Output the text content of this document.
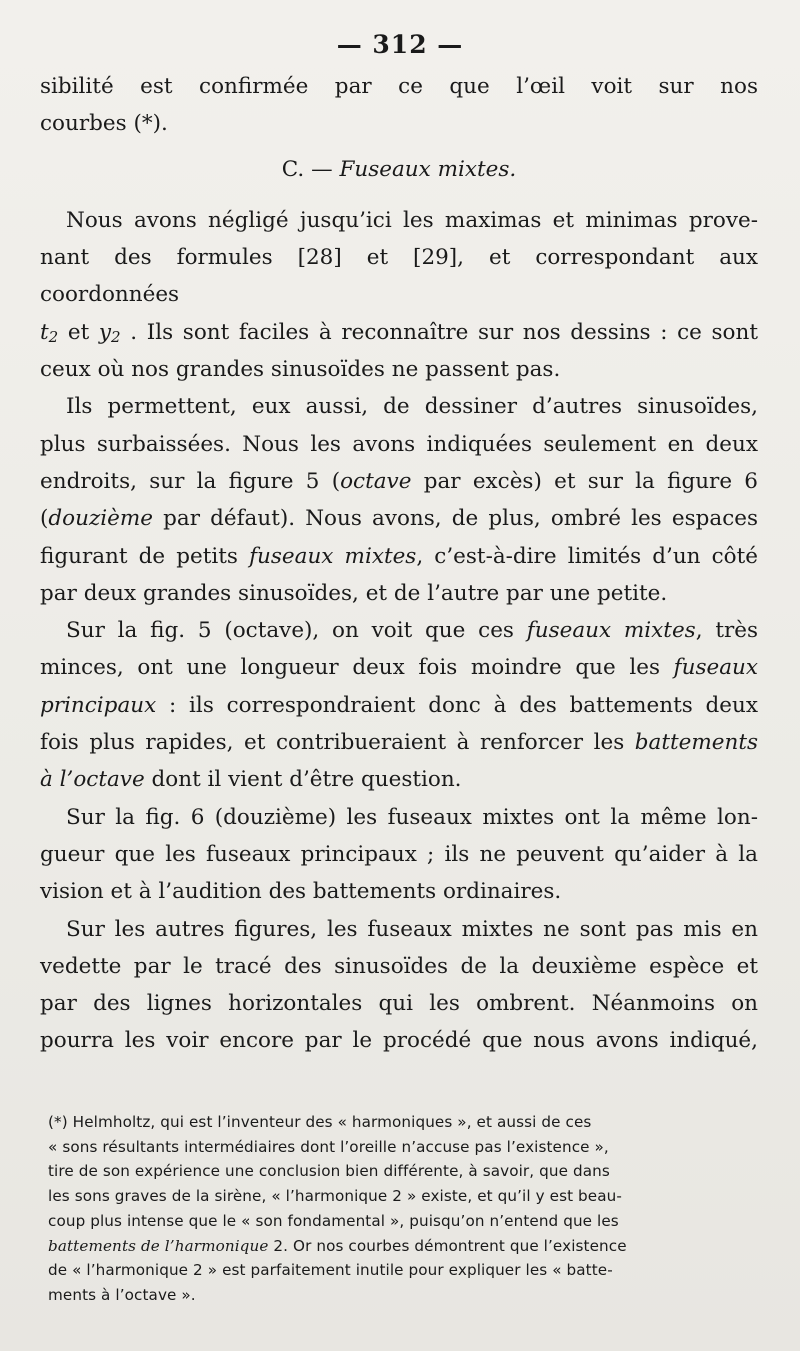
— 312 —

sibilité est confirmée par ce que l’œil voit sur nos

courbes (*).

C. — Fuseaux mixtes.

Nous avons négligé jusqu’ici les maximas et minimas prove-

nant des formules [28] et [29], et correspondant aux coordonnées

$t_2$ et $y_2$ . Ils sont faciles à reconnaître sur nos dessins : ce sont

ceux où nos grandes sinusoïdes ne passent pas.

Ils permettent, eux aussi, de dessiner d’autres sinusoïdes,

plus surbaissées. Nous les avons indiquées seulement en deux

endroits, sur la figure 5 (octave par excès) et sur la figure 6

(douzième par défaut). Nous avons, de plus, ombré les espaces

figurant de petits fuseaux mixtes, c’est-à-dire limités d’un côté

par deux grandes sinusoïdes, et de l’autre par une petite.

Sur la fig. 5 (octave), on voit que ces fuseaux mixtes, très

minces, ont une longueur deux fois moindre que les fuseaux

principaux : ils correspondraient donc à des battements deux

fois plus rapides, et contribueraient à renforcer les battements

à l’octave dont il vient d’être question.

Sur la fig. 6 (douzième) les fuseaux mixtes ont la même lon-

gueur que les fuseaux principaux ; ils ne peuvent qu’aider à la

vision et à l’audition des battements ordinaires.

Sur les autres figures, les fuseaux mixtes ne sont pas mis en

vedette par le tracé des sinusoïdes de la deuxième espèce et

par des lignes horizontales qui les ombrent. Néanmoins on

pourra les voir encore par le procédé que nous avons indiqué,

(*) Helmholtz, qui est l’inventeur des « harmoniques », et aussi de ces

« sons résultants intermédiaires dont l’oreille n’accuse pas l’existence »,

tire de son expérience une conclusion bien différente, à savoir, que dans

les sons graves de la sirène, « l’harmonique 2 » existe, et qu’il y est beau-

coup plus intense que le « son fondamental », puisqu’on n’entend que les

battements de l’harmonique 2. Or nos courbes démontrent que l’existence

de « l’harmonique 2 » est parfaitement inutile pour expliquer les « batte-

ments à l’octave ».
